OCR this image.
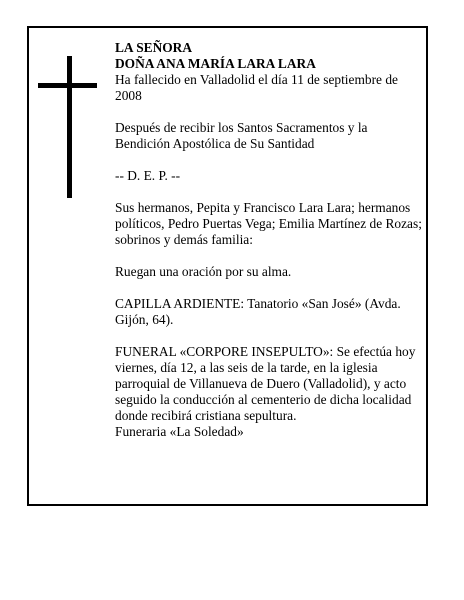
LA SEÑORA

DOÑA ANA MARÍA LARA LARA

Ha fallecido en Valladolid el día 11 de septiembre de 2008

Después de recibir los Santos Sacramentos y la Bendición Apostólica de Su Santidad

-- D. E. P. --

Sus hermanos, Pepita y Francisco Lara Lara; hermanos políticos, Pedro Puertas Vega; Emilia Martínez de Rozas; sobrinos y demás familia:

Ruegan una oración por su alma.

CAPILLA ARDIENTE: Tanatorio «San José» (Avda. Gijón, 64).

FUNERAL «CORPORE INSEPULTO»: Se efectúa hoy viernes, día 12, a las seis de la tarde, en la iglesia parroquial de Villanueva de Duero (Valladolid), y acto seguido la conducción al cementerio de dicha localidad donde recibirá cristiana sepultura.

Funeraria «La Soledad»
